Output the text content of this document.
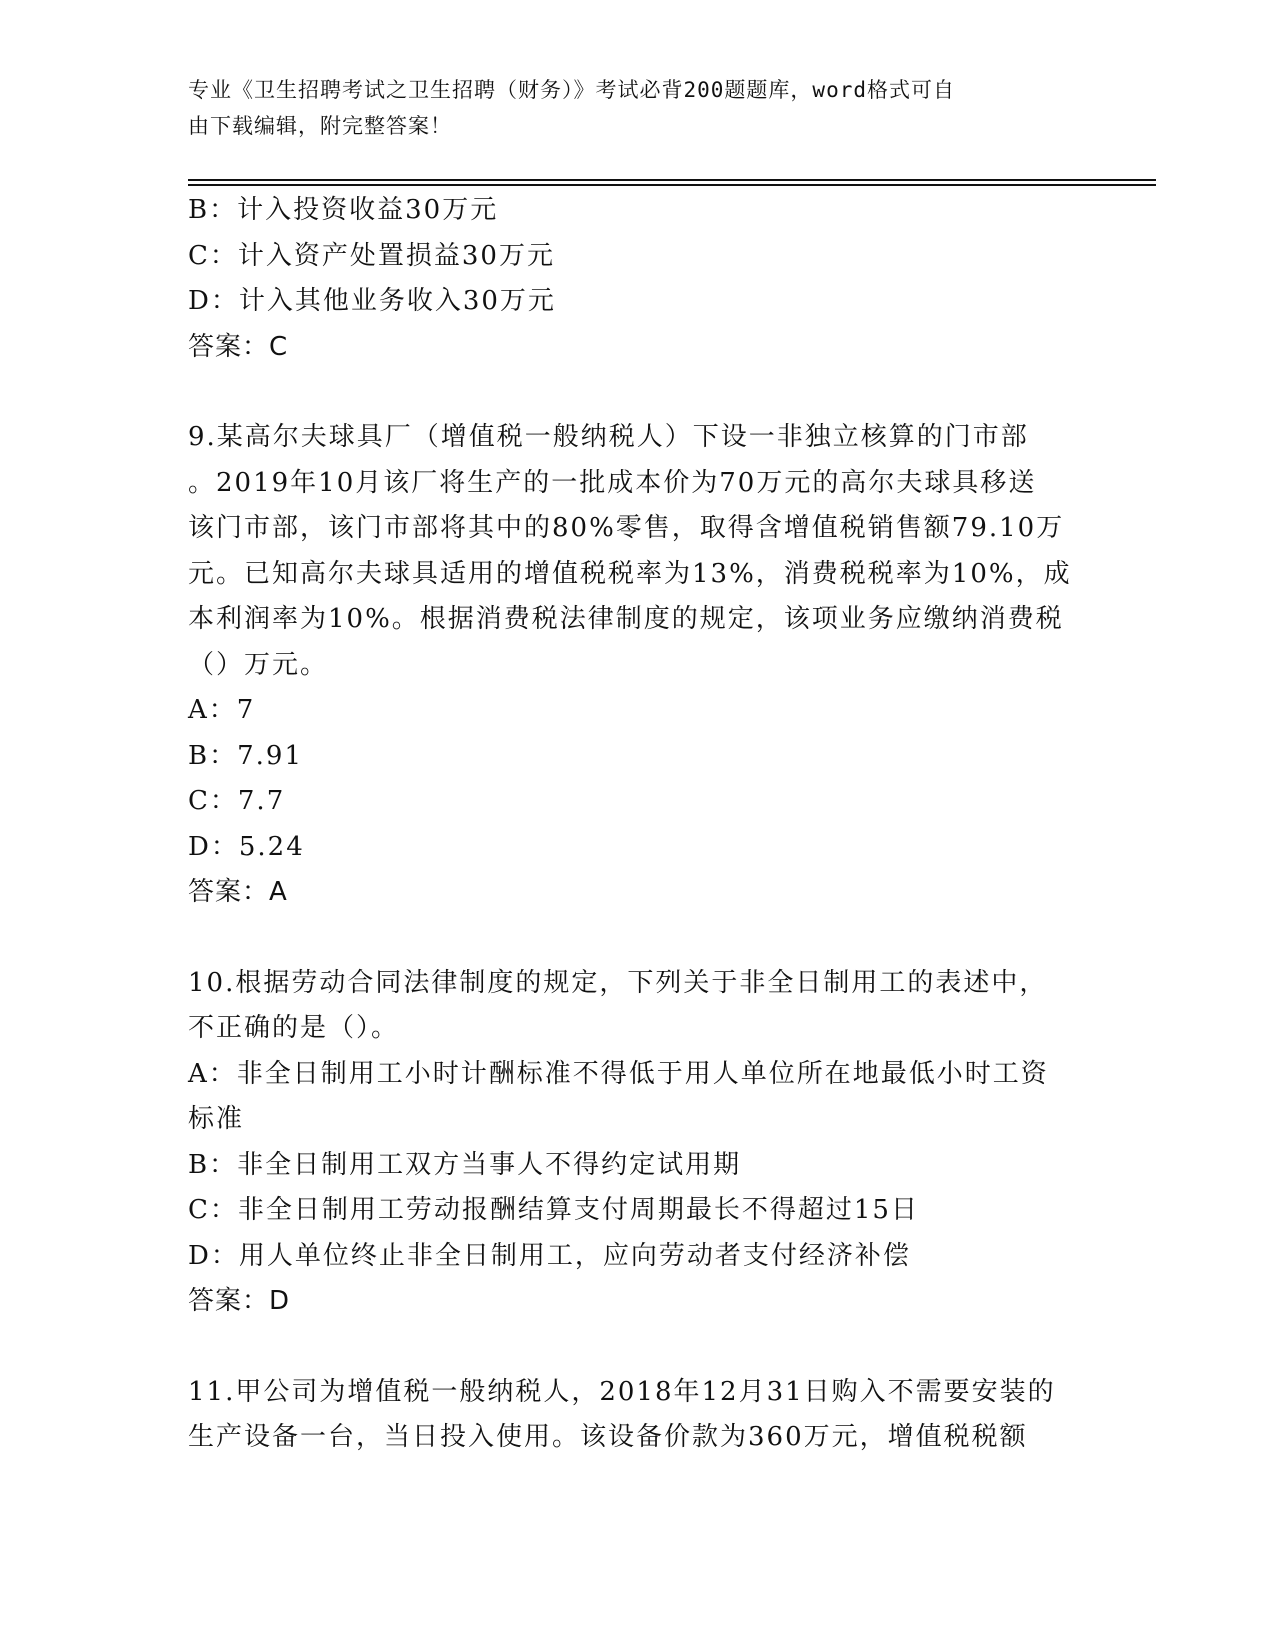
专业《卫生招聘考试之卫生招聘（财务）》考试必背200题题库，word格式可自
由下载编辑，附完整答案！
B：计入投资收益30万元
C：计入资产处置损益30万元
D：计入其他业务收入30万元
答案：C
9.某高尔夫球具厂（增值税一般纳税人）下设一非独立核算的门市部
。2019年10月该厂将生产的一批成本价为70万元的高尔夫球具移送
该门市部，该门市部将其中的80%零售，取得含增值税销售额79.10万
元。已知高尔夫球具适用的增值税税率为13%，消费税税率为10%，成
本利润率为10%。根据消费税法律制度的规定，该项业务应缴纳消费税
（）万元。
A：7
B：7.91
C：7.7
D：5.24
答案：A
10.根据劳动合同法律制度的规定，下列关于非全日制用工的表述中，
不正确的是（）。
A：非全日制用工小时计酬标准不得低于用人单位所在地最低小时工资
标准
B：非全日制用工双方当事人不得约定试用期
C：非全日制用工劳动报酬结算支付周期最长不得超过15日
D：用人单位终止非全日制用工，应向劳动者支付经济补偿
答案：D
11.甲公司为增值税一般纳税人，2018年12月31日购入不需要安装的
生产设备一台，当日投入使用。该设备价款为360万元，增值税税额
